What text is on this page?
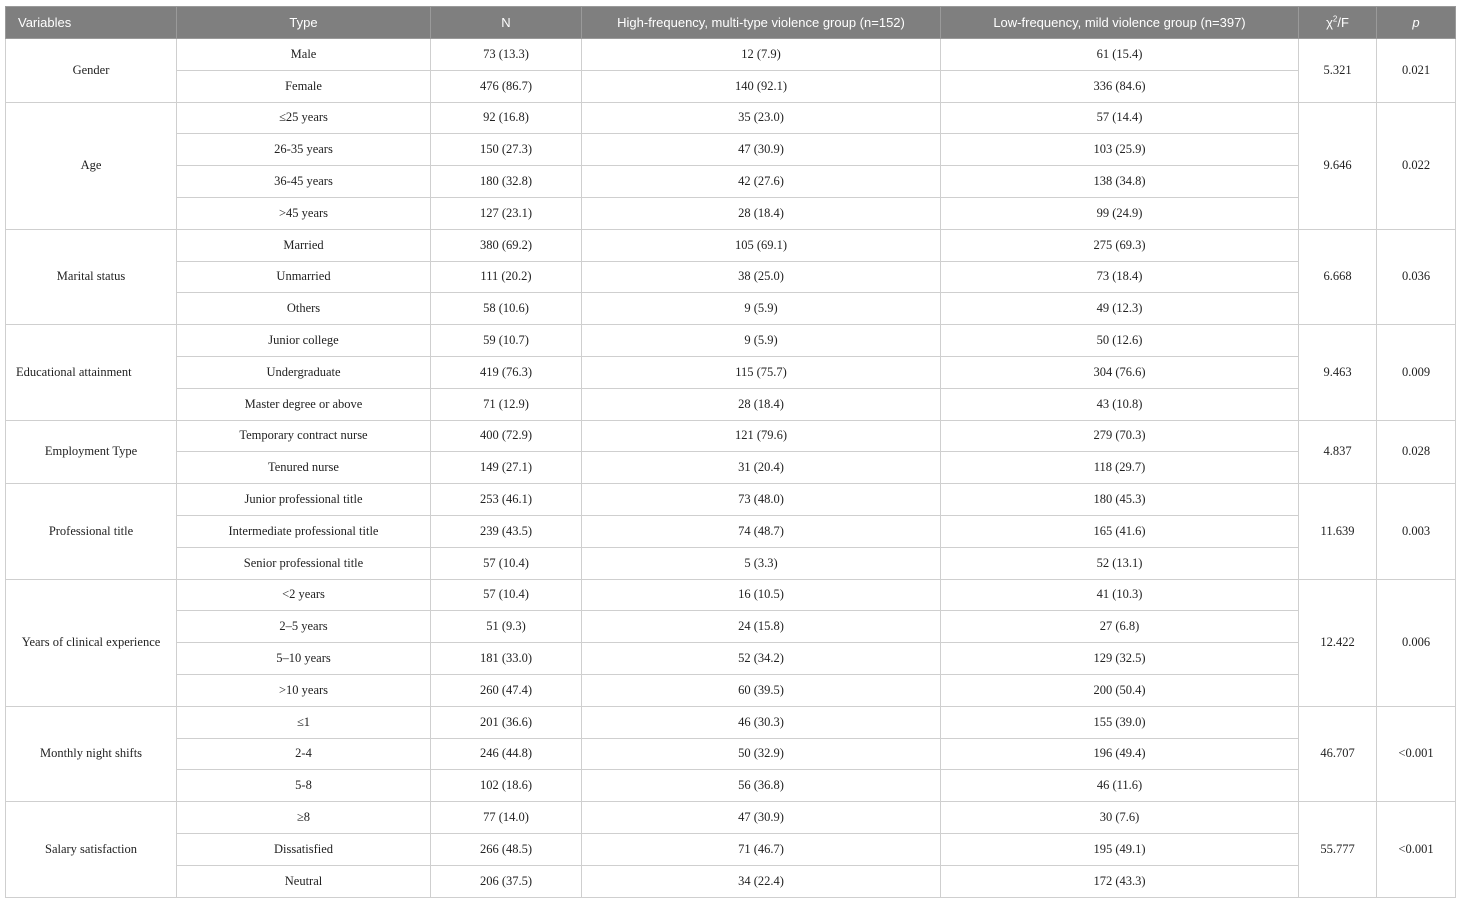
Variables	Type	N	High-frequency, multi-type violence group (n=152)	Low-frequency, mild violence group (n=397)	$\chi^2/F$	p
Gender	Male	73 (13.3)	12 (7.9)	61 (15.4)	5.321	0.021
	Female	476 (86.7)	140 (92.1)	336 (84.6)		
Age	≤25 years	92 (16.8)	35 (23.0)	57 (14.4)	9.646	0.022
	26-35 years	150 (27.3)	47 (30.9)	103 (25.9)		
	36-45 years	180 (32.8)	42 (27.6)	138 (34.8)		
	>45 years	127 (23.1)	28 (18.4)	99 (24.9)		
Marital status	Married	380 (69.2)	105 (69.1)	275 (69.3)	6.668	0.036
	Unmarried	111 (20.2)	38 (25.0)	73 (18.4)		
	Others	58 (10.6)	9 (5.9)	49 (12.3)		
Educational attainment	Junior college	59 (10.7)	9 (5.9)	50 (12.6)	9.463	0.009
	Undergraduate	419 (76.3)	115 (75.7)	304 (76.6)		
	Master degree or above	71 (12.9)	28 (18.4)	43 (10.8)		
Employment Type	Temporary contract nurse	400 (72.9)	121 (79.6)	279 (70.3)	4.837	0.028
	Tenured nurse	149 (27.1)	31 (20.4)	118 (29.7)		
Professional title	Junior professional title	253 (46.1)	73 (48.0)	180 (45.3)	11.639	0.003
	Intermediate professional title	239 (43.5)	74 (48.7)	165 (41.6)		
	Senior professional title	57 (10.4)	5 (3.3)	52 (13.1)		
Years of clinical experience	<2 years	57 (10.4)	16 (10.5)	41 (10.3)	12.422	0.006
	2–5 years	51 (9.3)	24 (15.8)	27 (6.8)		
	5–10 years	181 (33.0)	52 (34.2)	129 (32.5)		
	>10 years	260 (47.4)	60 (39.5)	200 (50.4)		
Monthly night shifts	≤1	201 (36.6)	46 (30.3)	155 (39.0)	46.707	<0.001
	2-4	246 (44.8)	50 (32.9)	196 (49.4)		
	5-8	102 (18.6)	56 (36.8)	46 (11.6)		
Salary satisfaction	≥8	77 (14.0)	47 (30.9)	30 (7.6)	55.777	<0.001
	Dissatisfied	266 (48.5)	71 (46.7)	195 (49.1)		
	Neutral	206 (37.5)	34 (22.4)	172 (43.3)		
